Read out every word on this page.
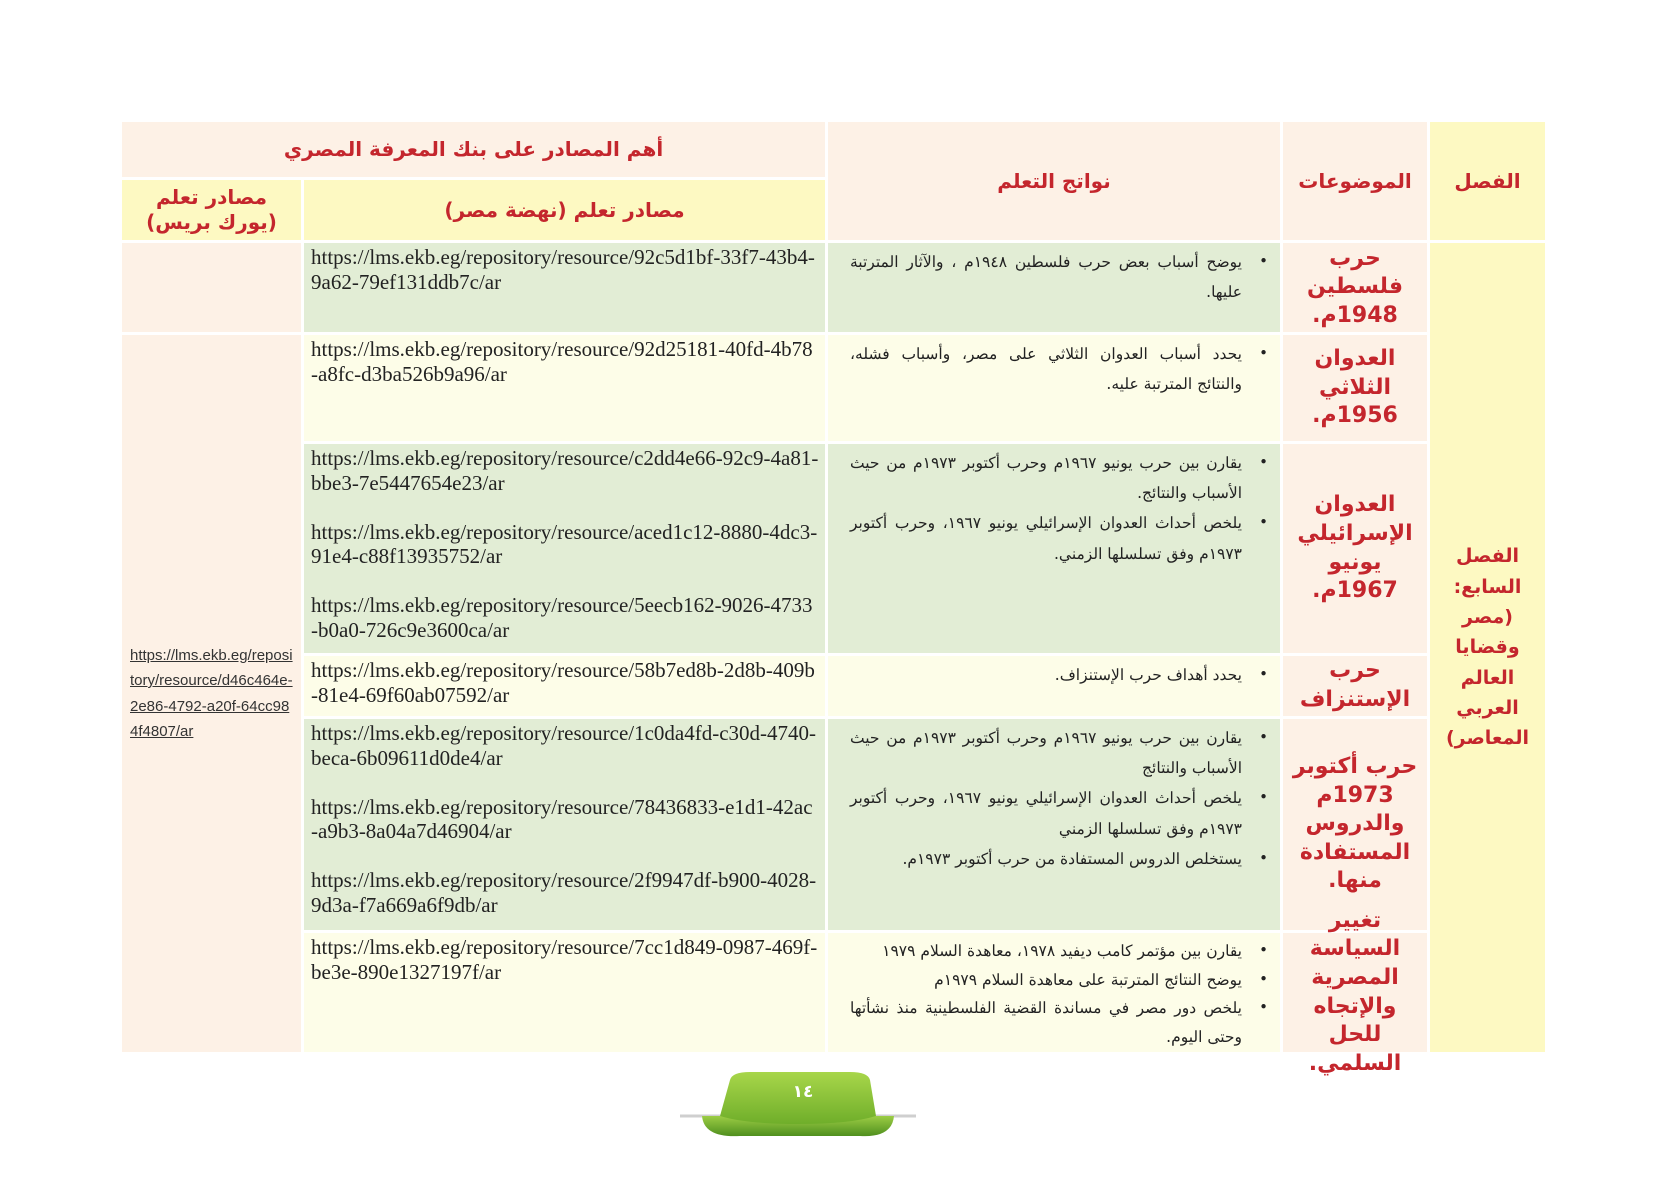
الفصل
الموضوعات
نواتج التعلم
أهم المصادر على بنك المعرفة المصري
مصادر تعلم (نهضة مصر)
مصادر تعلم (يورك بريس)
الفصل السابع: (مصر وقضايا العالم العربي المعاصر)
https://lms.ekb.eg/repository/resource/d46c464e-2e86-4792-a20f-64cc984f4807/ar
حرب فلسطين 1948م.
• يوضح أسباب بعض حرب فلسطين ١٩٤٨م ، والآثار المترتبة عليها.
https://lms.ekb.eg/repository/resource/92c5d1bf-33f7-43b4-9a62-79ef131ddb7c/ar
العدوان الثلاثي 1956م.
• يحدد أسباب العدوان الثلاثي على مصر، وأسباب فشله، والنتائج المترتبة عليه.
https://lms.ekb.eg/repository/resource/92d25181-40fd-4b78-a8fc-d3ba526b9a96/ar
العدوان الإسرائيلي يونيو 1967م.
• يقارن بين حرب يونيو ١٩٦٧م وحرب أكتوبر ١٩٧٣م من حيث الأسباب والنتائج.
• يلخص أحداث العدوان الإسرائيلي يونيو ١٩٦٧، وحرب أكتوبر ١٩٧٣م وفق تسلسلها الزمني.
https://lms.ekb.eg/repository/resource/c2dd4e66-92c9-4a81-bbe3-7e5447654e23/ar
https://lms.ekb.eg/repository/resource/aced1c12-8880-4dc3-91e4-c88f13935752/ar
https://lms.ekb.eg/repository/resource/5eecb162-9026-4733-b0a0-726c9e3600ca/ar
حرب الإستنزاف
• يحدد أهداف حرب الإستنزاف.
https://lms.ekb.eg/repository/resource/58b7ed8b-2d8b-409b-81e4-69f60ab07592/ar
حرب أكتوبر 1973م والدروس المستفادة منها.
• يقارن بين حرب يونيو ١٩٦٧م وحرب أكتوبر ١٩٧٣م من حيث الأسباب والنتائج
• يلخص أحداث العدوان الإسرائيلي يونيو ١٩٦٧، وحرب أكتوبر ١٩٧٣م وفق تسلسلها الزمني
• يستخلص الدروس المستفادة من حرب أكتوبر ١٩٧٣م.
https://lms.ekb.eg/repository/resource/1c0da4fd-c30d-4740-beca-6b09611d0de4/ar
https://lms.ekb.eg/repository/resource/78436833-e1d1-42ac-a9b3-8a04a7d46904/ar
https://lms.ekb.eg/repository/resource/2f9947df-b900-4028-9d3a-f7a669a6f9db/ar
تغيير السياسة المصرية والإتجاه للحل السلمي.
• يقارن بين مؤتمر كامب ديفيد ١٩٧٨، معاهدة السلام ١٩٧٩
• يوضح النتائج المترتبة على معاهدة السلام ١٩٧٩م
• يلخص دور مصر في مساندة القضية الفلسطينية منذ نشأتها وحتى اليوم.
https://lms.ekb.eg/repository/resource/7cc1d849-0987-469f-be3e-890e1327197f/ar
١٤
